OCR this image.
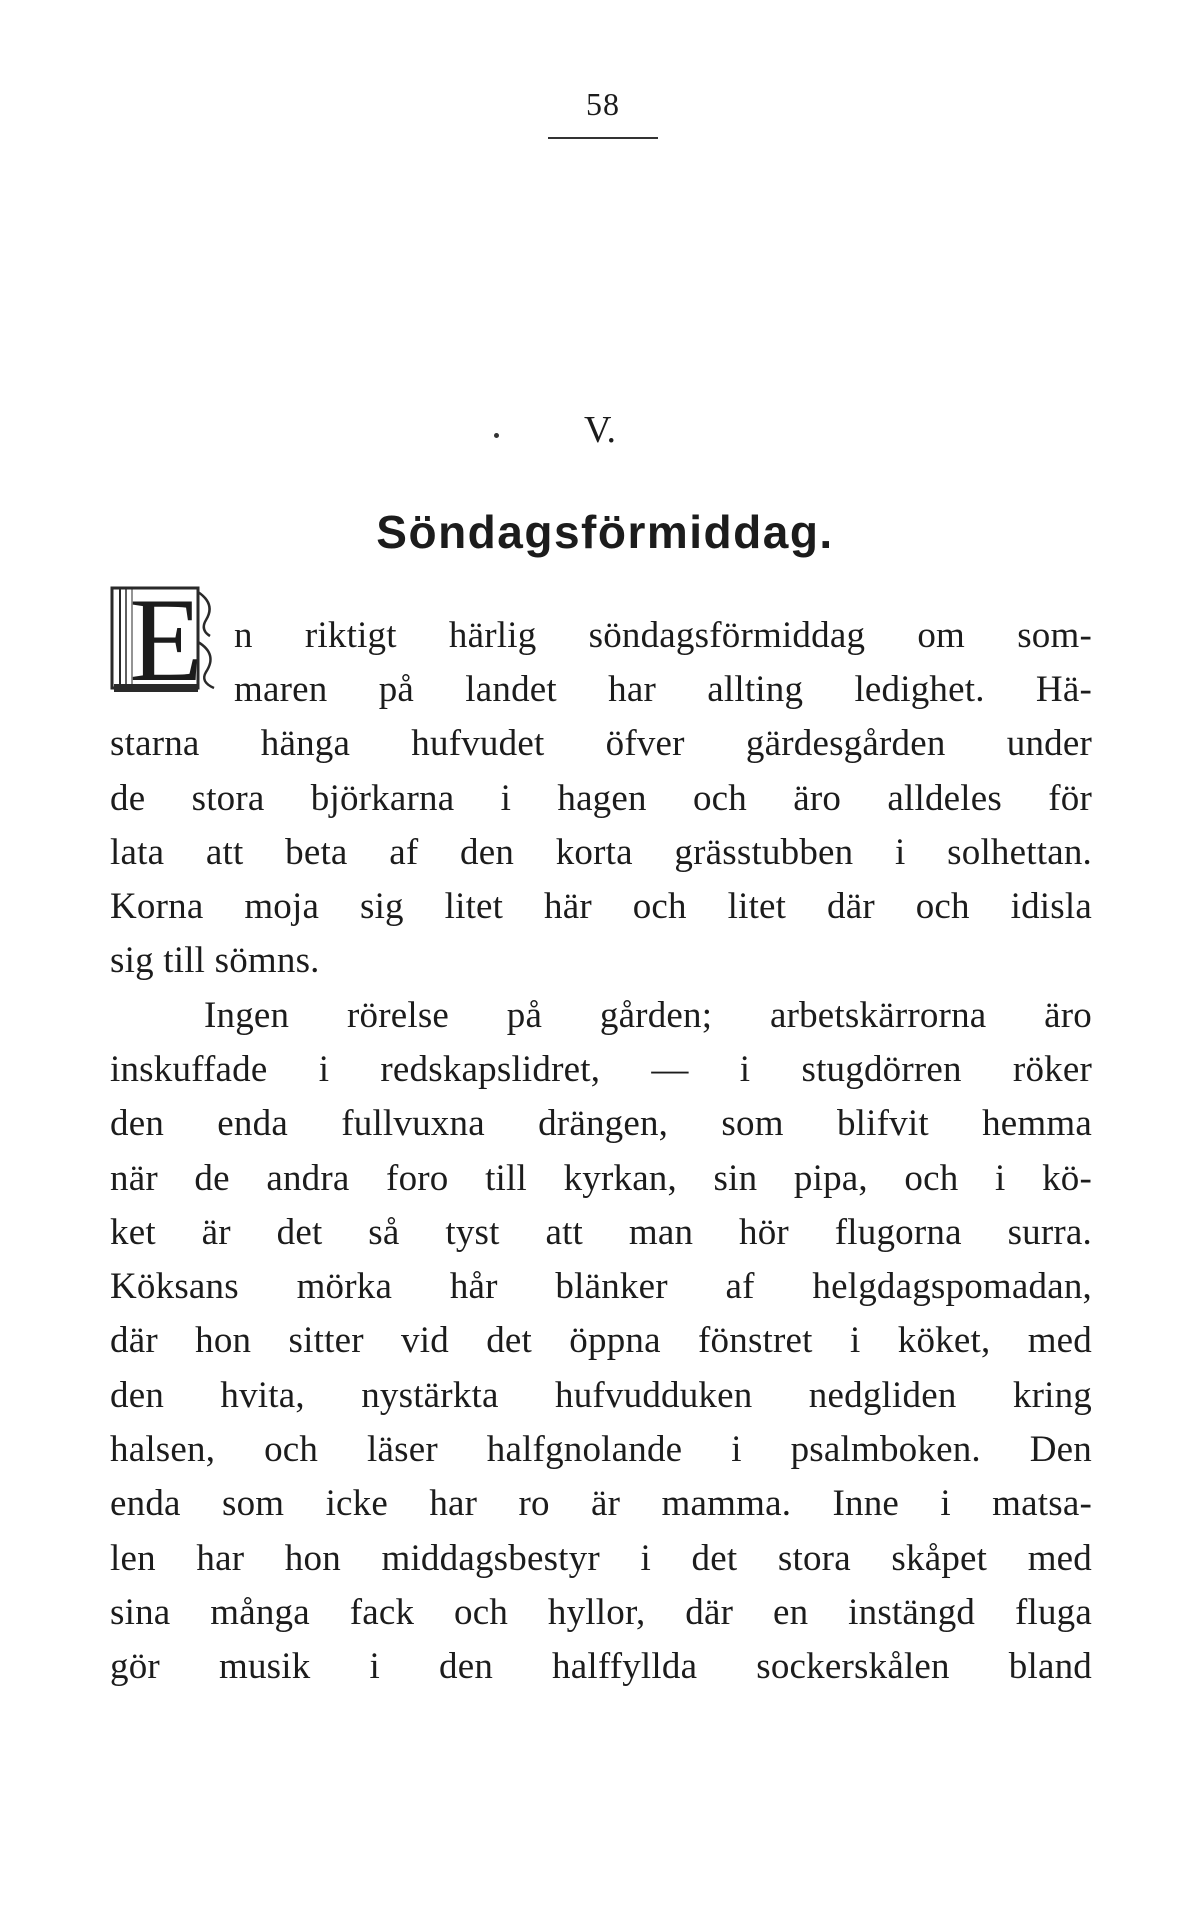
58
V.
Söndagsförmiddag.
E n riktigt härlig söndagsförmiddag om som-
maren på landet har allting ledighet. Hä-
starna hänga hufvudet öfver gärdesgården under
de stora björkarna i hagen och äro alldeles för
lata att beta af den korta grässtubben i solhettan.
Korna moja sig litet här och litet där och idisla
sig till sömns.
Ingen rörelse på gården; arbetskärrorna äro
inskuffade i redskapslidret, — i stugdörren röker
den enda fullvuxna drängen, som blifvit hemma
när de andra foro till kyrkan, sin pipa, och i kö-
ket är det så tyst att man hör flugorna surra.
Köksans mörka hår blänker af helgdagspomadan,
där hon sitter vid det öppna fönstret i köket, med
den hvita, nystärkta hufvudduken nedgliden kring
halsen, och läser halfgnolande i psalmboken. Den
enda som icke har ro är mamma. Inne i matsa-
len har hon middagsbestyr i det stora skåpet med
sina många fack och hyllor, där en instängd fluga
gör musik i den halffyllda sockerskålen bland
